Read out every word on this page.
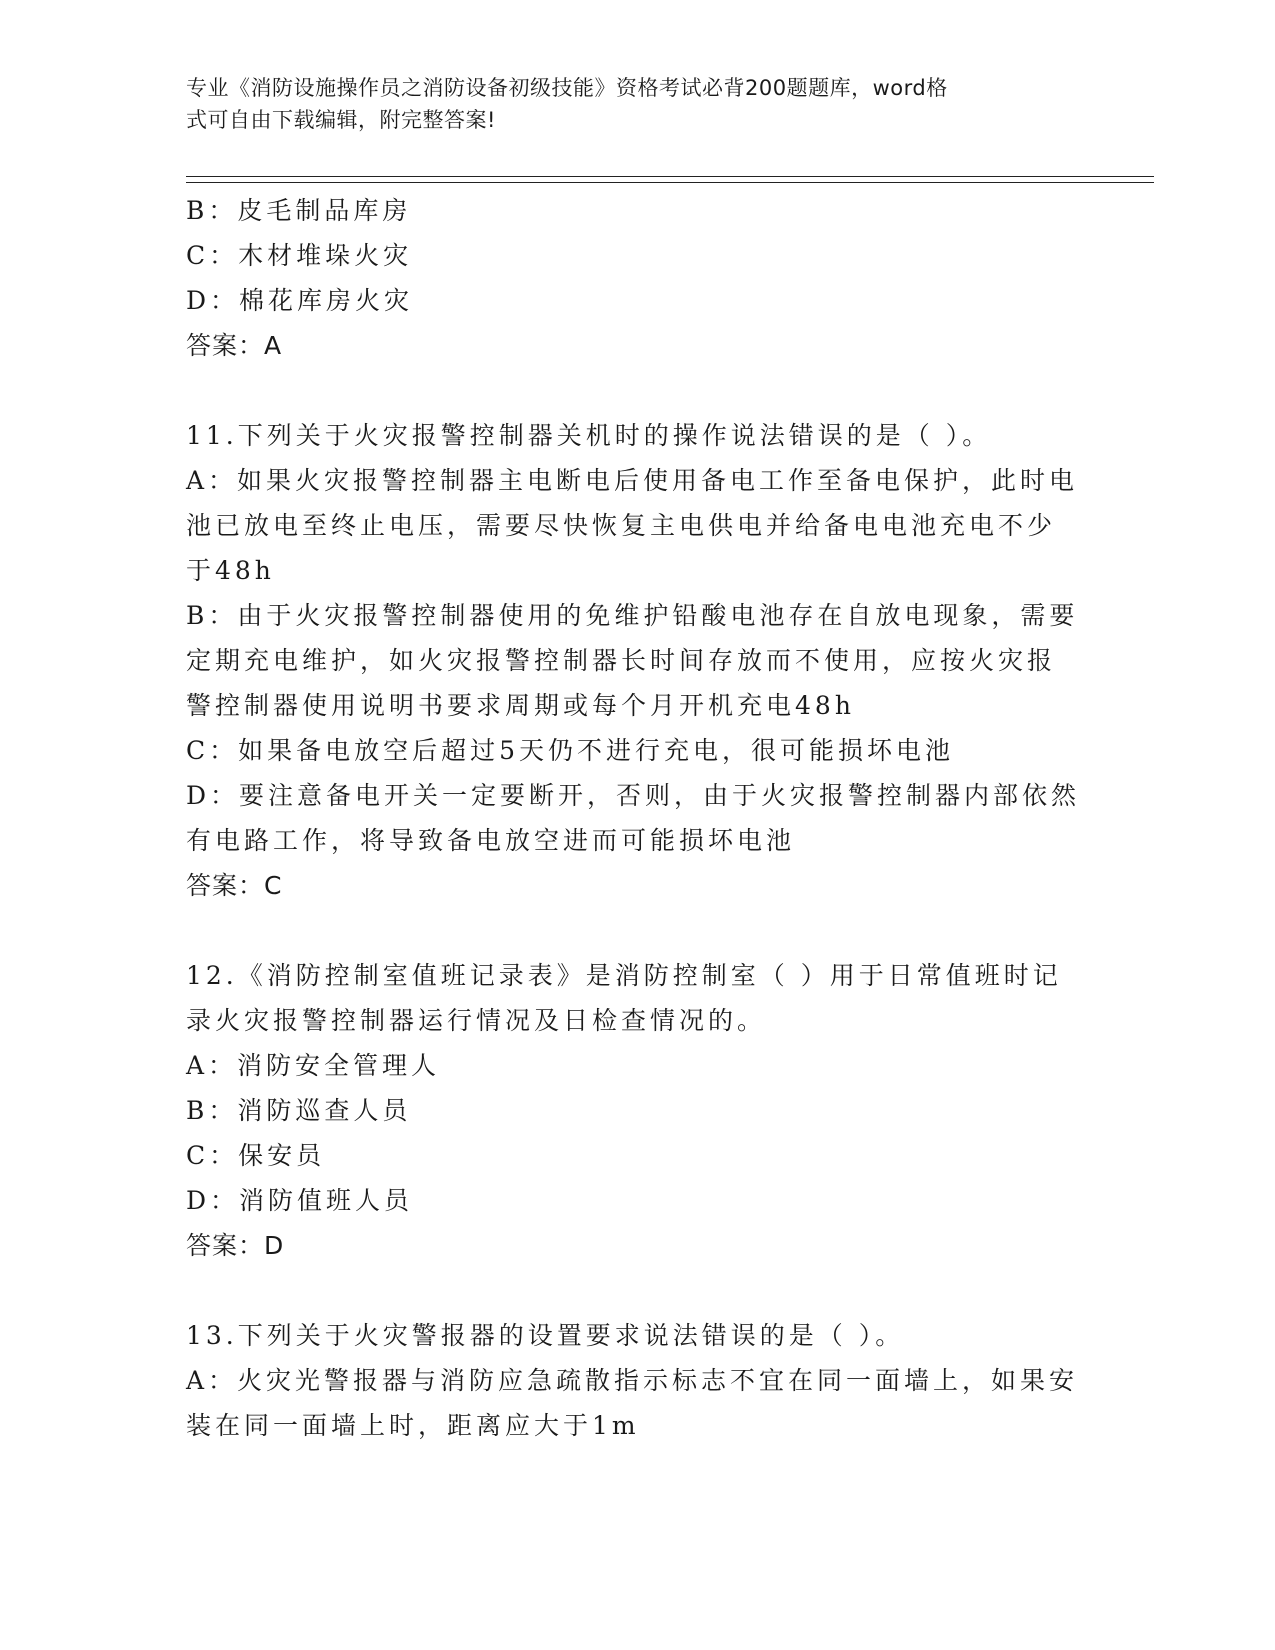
专业《消防设施操作员之消防设备初级技能》资格考试必背200题题库，word格
式可自由下载编辑，附完整答案!
B：皮毛制品库房
C：木材堆垛火灾
D：棉花库房火灾
答案：A
11.下列关于火灾报警控制器关机时的操作说法错误的是（ ）。
A：如果火灾报警控制器主电断电后使用备电工作至备电保护，此时电
池已放电至终止电压，需要尽快恢复主电供电并给备电电池充电不少
于48h
B：由于火灾报警控制器使用的免维护铅酸电池存在自放电现象，需要
定期充电维护，如火灾报警控制器长时间存放而不使用，应按火灾报
警控制器使用说明书要求周期或每个月开机充电48h
C：如果备电放空后超过5天仍不进行充电，很可能损坏电池
D：要注意备电开关一定要断开，否则，由于火灾报警控制器内部依然
有电路工作，将导致备电放空进而可能损坏电池
答案：C
12.《消防控制室值班记录表》是消防控制室（ ）用于日常值班时记
录火灾报警控制器运行情况及日检查情况的。
A：消防安全管理人
B：消防巡查人员
C：保安员
D：消防值班人员
答案：D
13.下列关于火灾警报器的设置要求说法错误的是（ ）。
A：火灾光警报器与消防应急疏散指示标志不宜在同一面墙上，如果安
装在同一面墙上时，距离应大于1m
